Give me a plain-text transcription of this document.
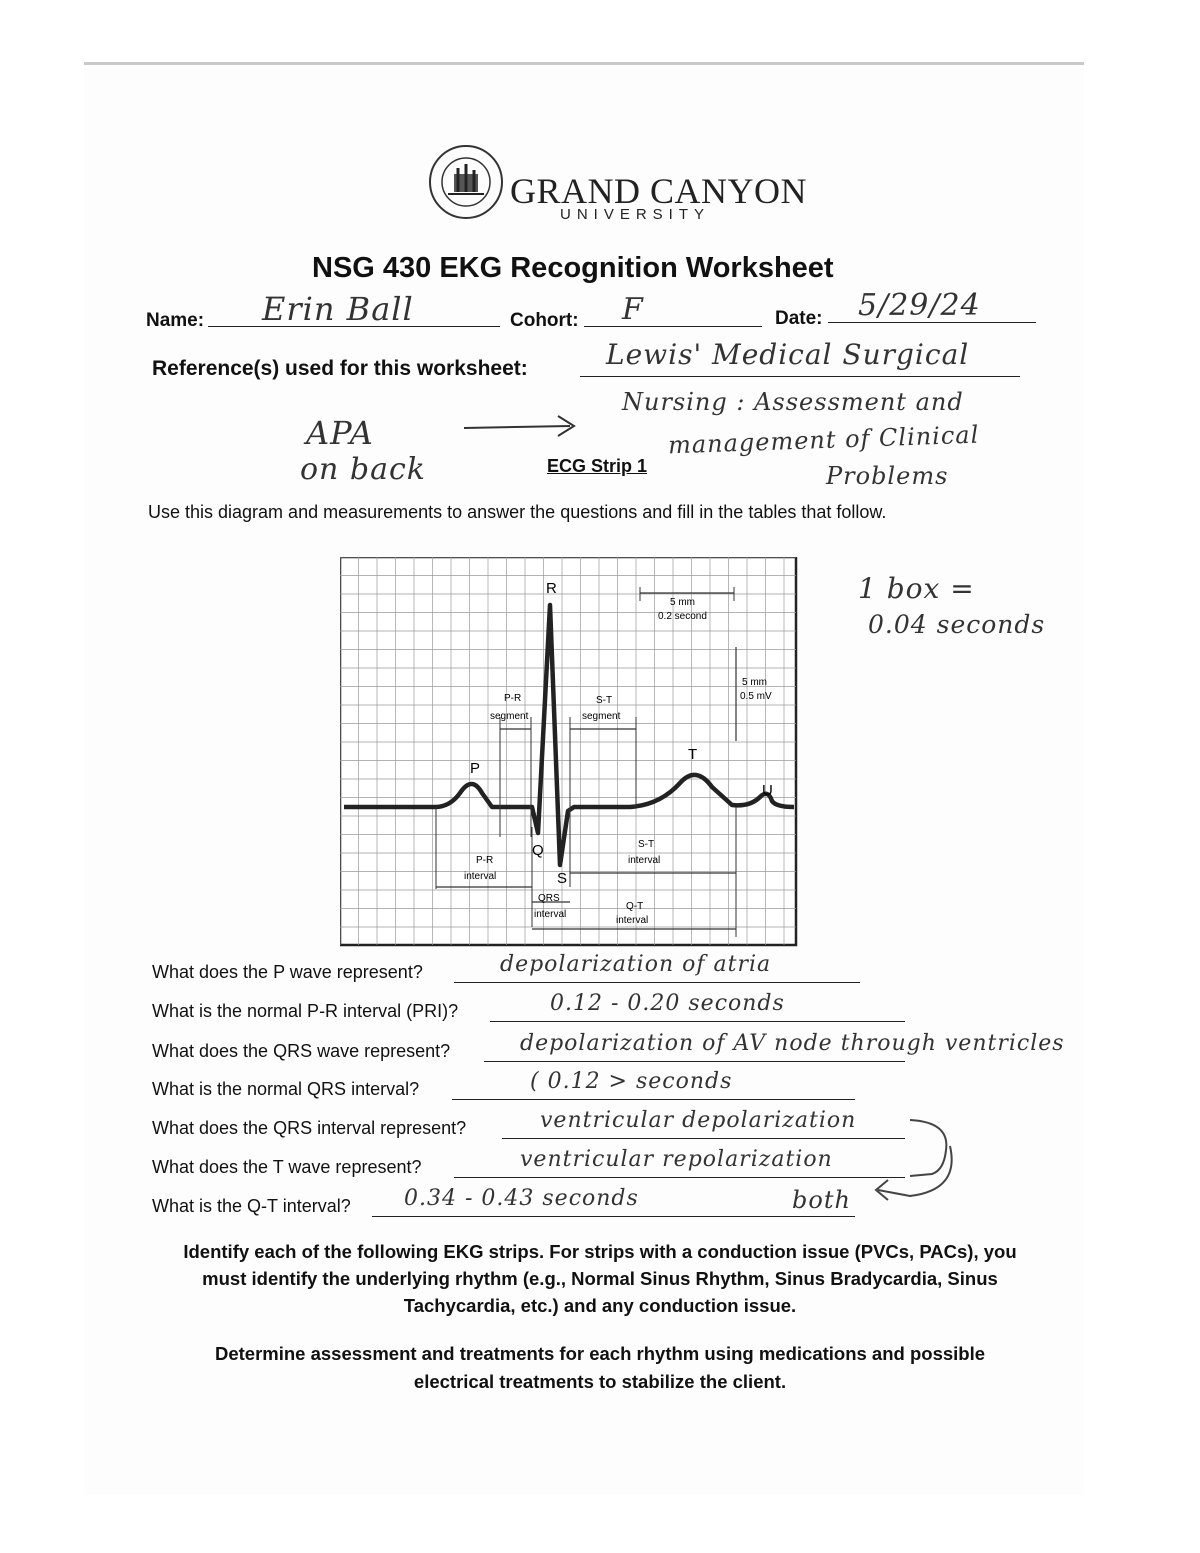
GRAND CANYON
UNIVERSITY
NSG 430 EKG Recognition Worksheet
Name: Erin Ball	Cohort: F	Date: 5/29/24
Reference(s) used for this worksheet:	Lewis' Medical Surgical
Nursing : Assessment and
management of Clinical
Problems
APA
on back	ECG Strip 1
Use this diagram and measurements to answer the questions and fill in the tables that follow.
1 box =
0.04 seconds
R
P
Q
S
T
U
5 mm
0.2 second
5 mm
0.5 mV
P-R
segment
S-T
segment
P-R
interval
S-T
interval
QRS
interval
Q-T
interval
What does the P wave represent?	depolarization of atria
What is the normal P-R interval (PRI)?	0.12 - 0.20 seconds
What does the QRS wave represent?	depolarization of AV node through ventricles
What is the normal QRS interval?	( 0.12 > seconds
What does the QRS interval represent?	ventricular depolarization
What does the T wave represent?	ventricular repolarization
What is the Q-T interval? 0.34 - 0.43 seconds	both
Identify each of the following EKG strips. For strips with a conduction issue (PVCs, PACs), you
must identify the underlying rhythm (e.g., Normal Sinus Rhythm, Sinus Bradycardia, Sinus
Tachycardia, etc.) and any conduction issue.
Determine assessment and treatments for each rhythm using medications and possible
electrical treatments to stabilize the client.
